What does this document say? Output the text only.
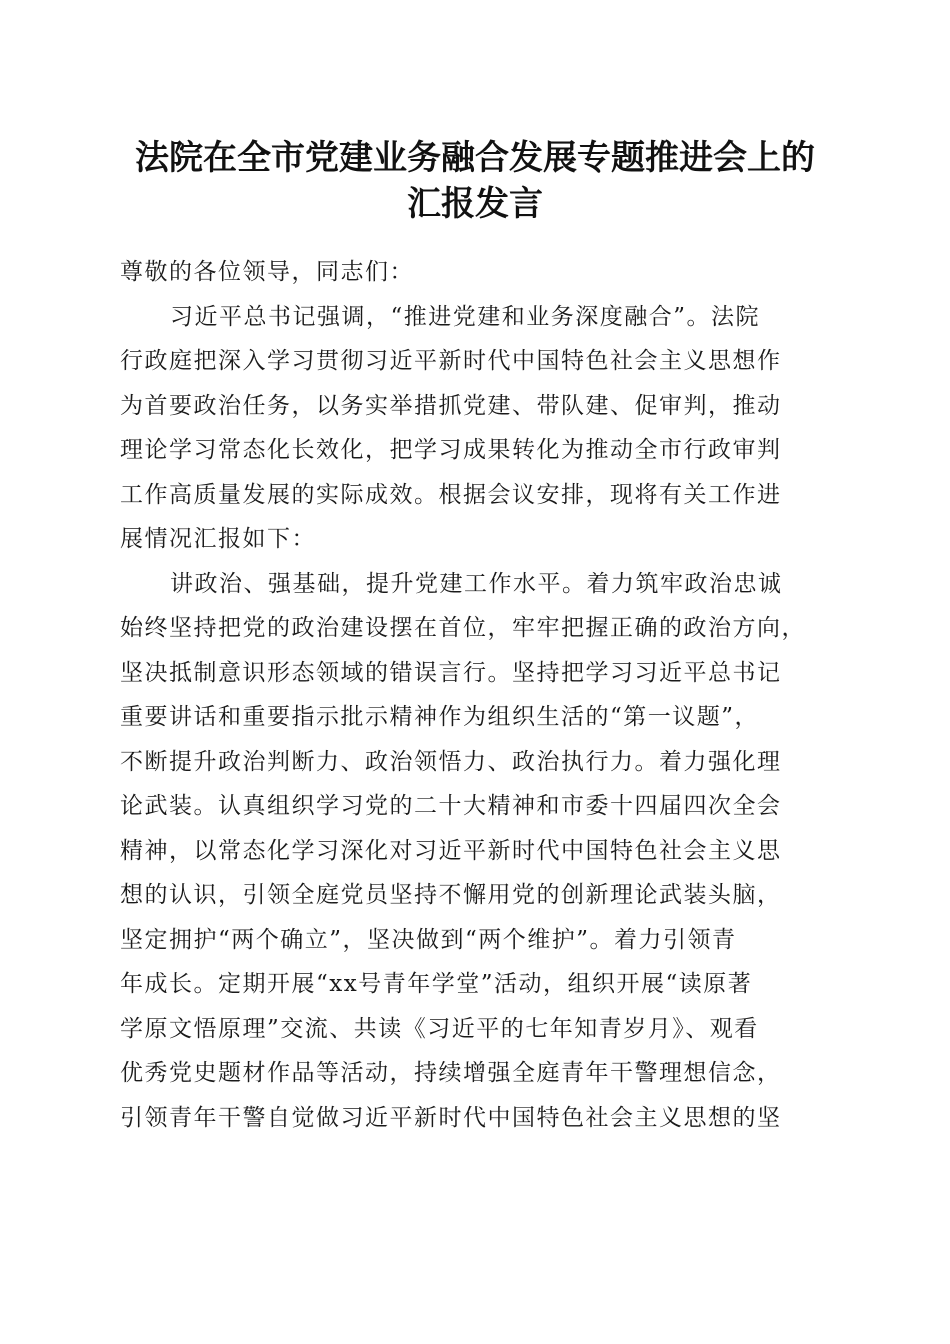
法院在全市党建业务融合发展专题推进会上的
汇报发言
尊敬的各位领导，同志们：
习近平总书记强调，“推进党建和业务深度融合”。法院
行政庭把深入学习贯彻习近平新时代中国特色社会主义思想作
为首要政治任务，以务实举措抓党建、带队建、促审判，推动
理论学习常态化长效化，把学习成果转化为推动全市行政审判
工作高质量发展的实际成效。根据会议安排，现将有关工作进
展情况汇报如下：
讲政治、强基础，提升党建工作水平。着力筑牢政治忠诚
始终坚持把党的政治建设摆在首位，牢牢把握正确的政治方向，
坚决抵制意识形态领域的错误言行。坚持把学习习近平总书记
重要讲话和重要指示批示精神作为组织生活的“第一议题”，
不断提升政治判断力、政治领悟力、政治执行力。着力强化理
论武装。认真组织学习党的二十大精神和市委十四届四次全会
精神，以常态化学习深化对习近平新时代中国特色社会主义思
想的认识，引领全庭党员坚持不懈用党的创新理论武装头脑，
坚定拥护“两个确立”，坚决做到“两个维护”。着力引领青
年成长。定期开展“xx号青年学堂”活动，组织开展“读原著
学原文悟原理”交流、共读《习近平的七年知青岁月》、观看
优秀党史题材作品等活动，持续增强全庭青年干警理想信念，
引领青年干警自觉做习近平新时代中国特色社会主义思想的坚
